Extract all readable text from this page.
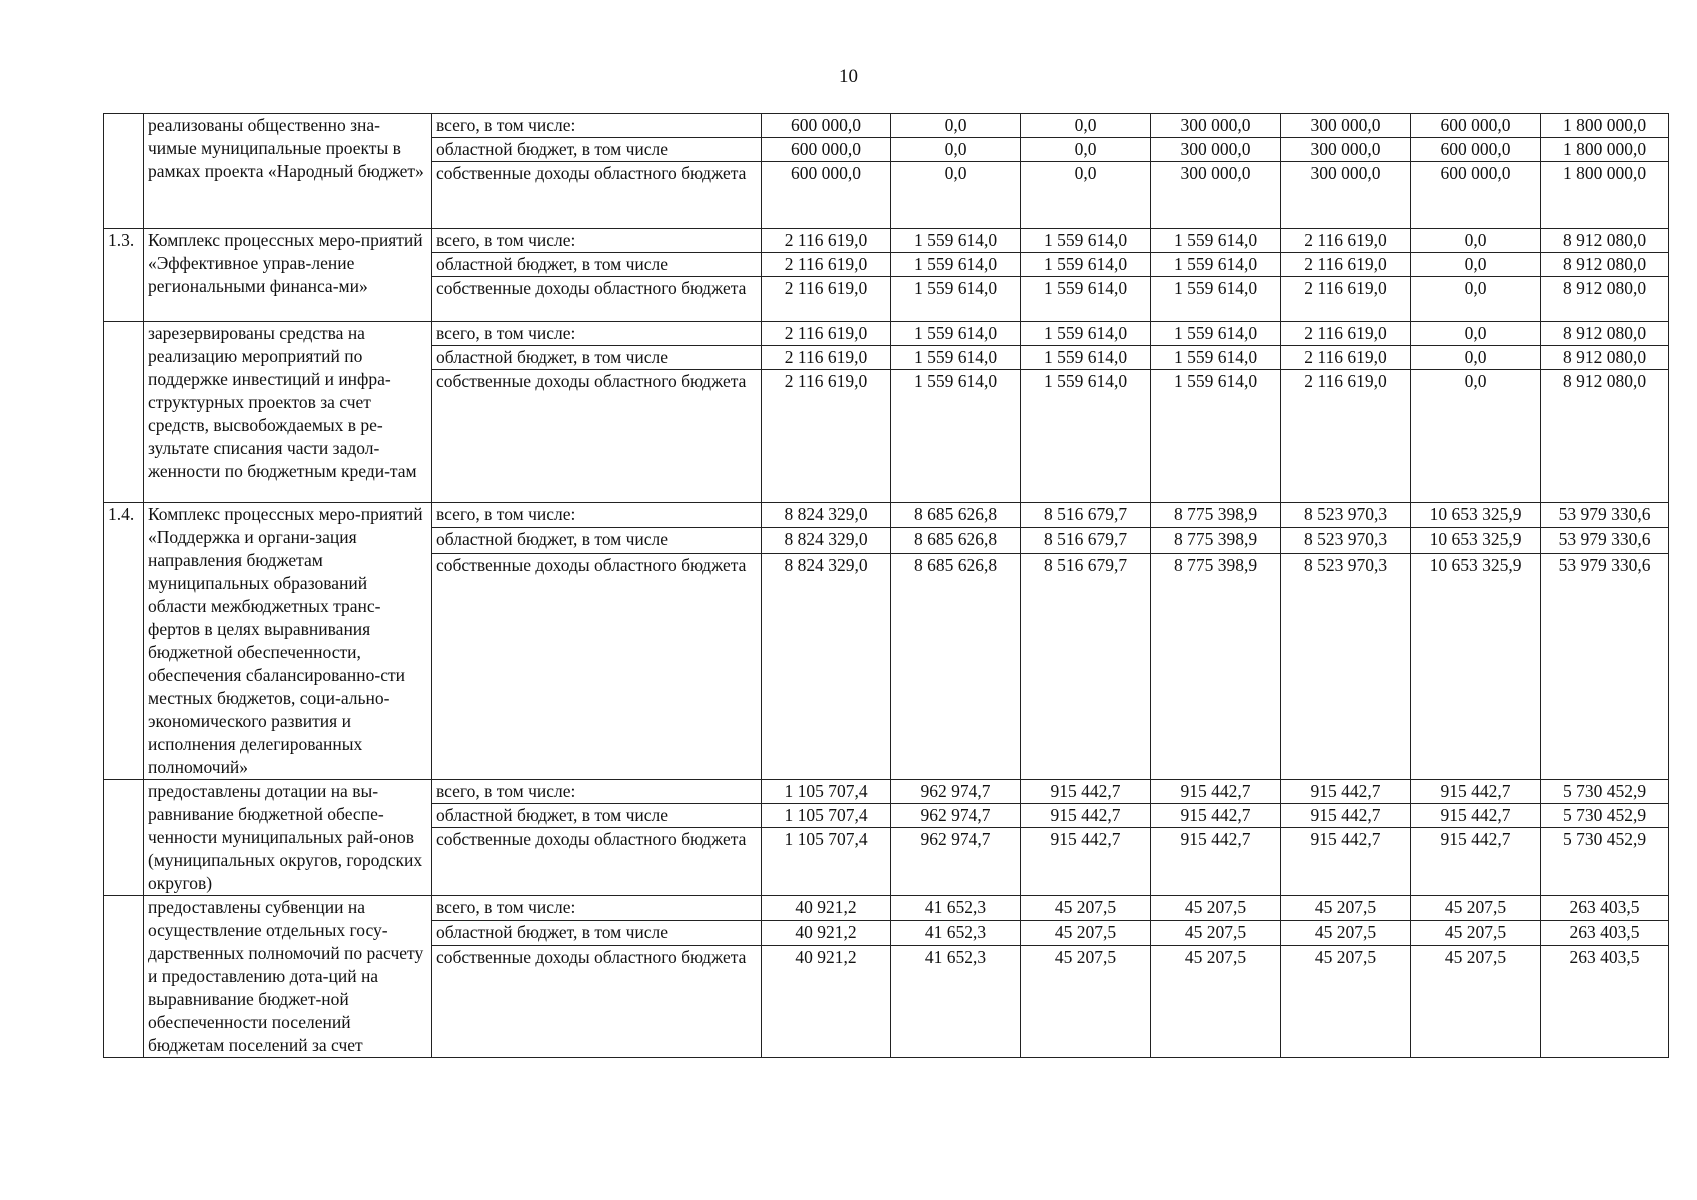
10
	реализованы общественно зна-чимые муниципальные проекты в рамках проекта «Народный бюджет»	всего, в том числе:	600 000,0	0,0	0,0	300 000,0	300 000,0	600 000,0	1 800 000,0
		областной бюджет, в том числе	600 000,0	0,0	0,0	300 000,0	300 000,0	600 000,0	1 800 000,0
		собственные доходы областного бюджета	600 000,0	0,0	0,0	300 000,0	300 000,0	600 000,0	1 800 000,0
1.3.	Комплекс процессных меро-приятий «Эффективное управ-ление региональными финанса-ми»	всего, в том числе:	2 116 619,0	1 559 614,0	1 559 614,0	1 559 614,0	2 116 619,0	0,0	8 912 080,0
		областной бюджет, в том числе	2 116 619,0	1 559 614,0	1 559 614,0	1 559 614,0	2 116 619,0	0,0	8 912 080,0
		собственные доходы областного бюджета	2 116 619,0	1 559 614,0	1 559 614,0	1 559 614,0	2 116 619,0	0,0	8 912 080,0
	зарезервированы средства на реализацию мероприятий по поддержке инвестиций и инфра-структурных проектов за счет средств, высвобождаемых в ре-зультате списания части задол-женности по бюджетным креди-там	всего, в том числе:	2 116 619,0	1 559 614,0	1 559 614,0	1 559 614,0	2 116 619,0	0,0	8 912 080,0
		областной бюджет, в том числе	2 116 619,0	1 559 614,0	1 559 614,0	1 559 614,0	2 116 619,0	0,0	8 912 080,0
		собственные доходы областного бюджета	2 116 619,0	1 559 614,0	1 559 614,0	1 559 614,0	2 116 619,0	0,0	8 912 080,0
1.4.	Комплекс процессных меро-приятий «Поддержка и органи-зация направления бюджетам муниципальных образований области межбюджетных транс-фертов в целях выравнивания бюджетной обеспеченности, обеспечения сбалансированно-сти местных бюджетов, соци-ально-экономического развития и исполнения делегированных полномочий»	всего, в том числе:	8 824 329,0	8 685 626,8	8 516 679,7	8 775 398,9	8 523 970,3	10 653 325,9	53 979 330,6
		областной бюджет, в том числе	8 824 329,0	8 685 626,8	8 516 679,7	8 775 398,9	8 523 970,3	10 653 325,9	53 979 330,6
		собственные доходы областного бюджета	8 824 329,0	8 685 626,8	8 516 679,7	8 775 398,9	8 523 970,3	10 653 325,9	53 979 330,6
	предоставлены дотации на вы-равнивание бюджетной обеспе-ченности муниципальных рай-онов (муниципальных округов, городских округов)	всего, в том числе:	1 105 707,4	962 974,7	915 442,7	915 442,7	915 442,7	915 442,7	5 730 452,9
		областной бюджет, в том числе	1 105 707,4	962 974,7	915 442,7	915 442,7	915 442,7	915 442,7	5 730 452,9
		собственные доходы областного бюджета	1 105 707,4	962 974,7	915 442,7	915 442,7	915 442,7	915 442,7	5 730 452,9
	предоставлены субвенции на осуществление отдельных госу-дарственных полномочий по расчету и предоставлению дота-ций на выравнивание бюджет-ной обеспеченности поселений бюджетам поселений за счет	всего, в том числе:	40 921,2	41 652,3	45 207,5	45 207,5	45 207,5	45 207,5	263 403,5
		областной бюджет, в том числе	40 921,2	41 652,3	45 207,5	45 207,5	45 207,5	45 207,5	263 403,5
		собственные доходы областного бюджета	40 921,2	41 652,3	45 207,5	45 207,5	45 207,5	45 207,5	263 403,5
